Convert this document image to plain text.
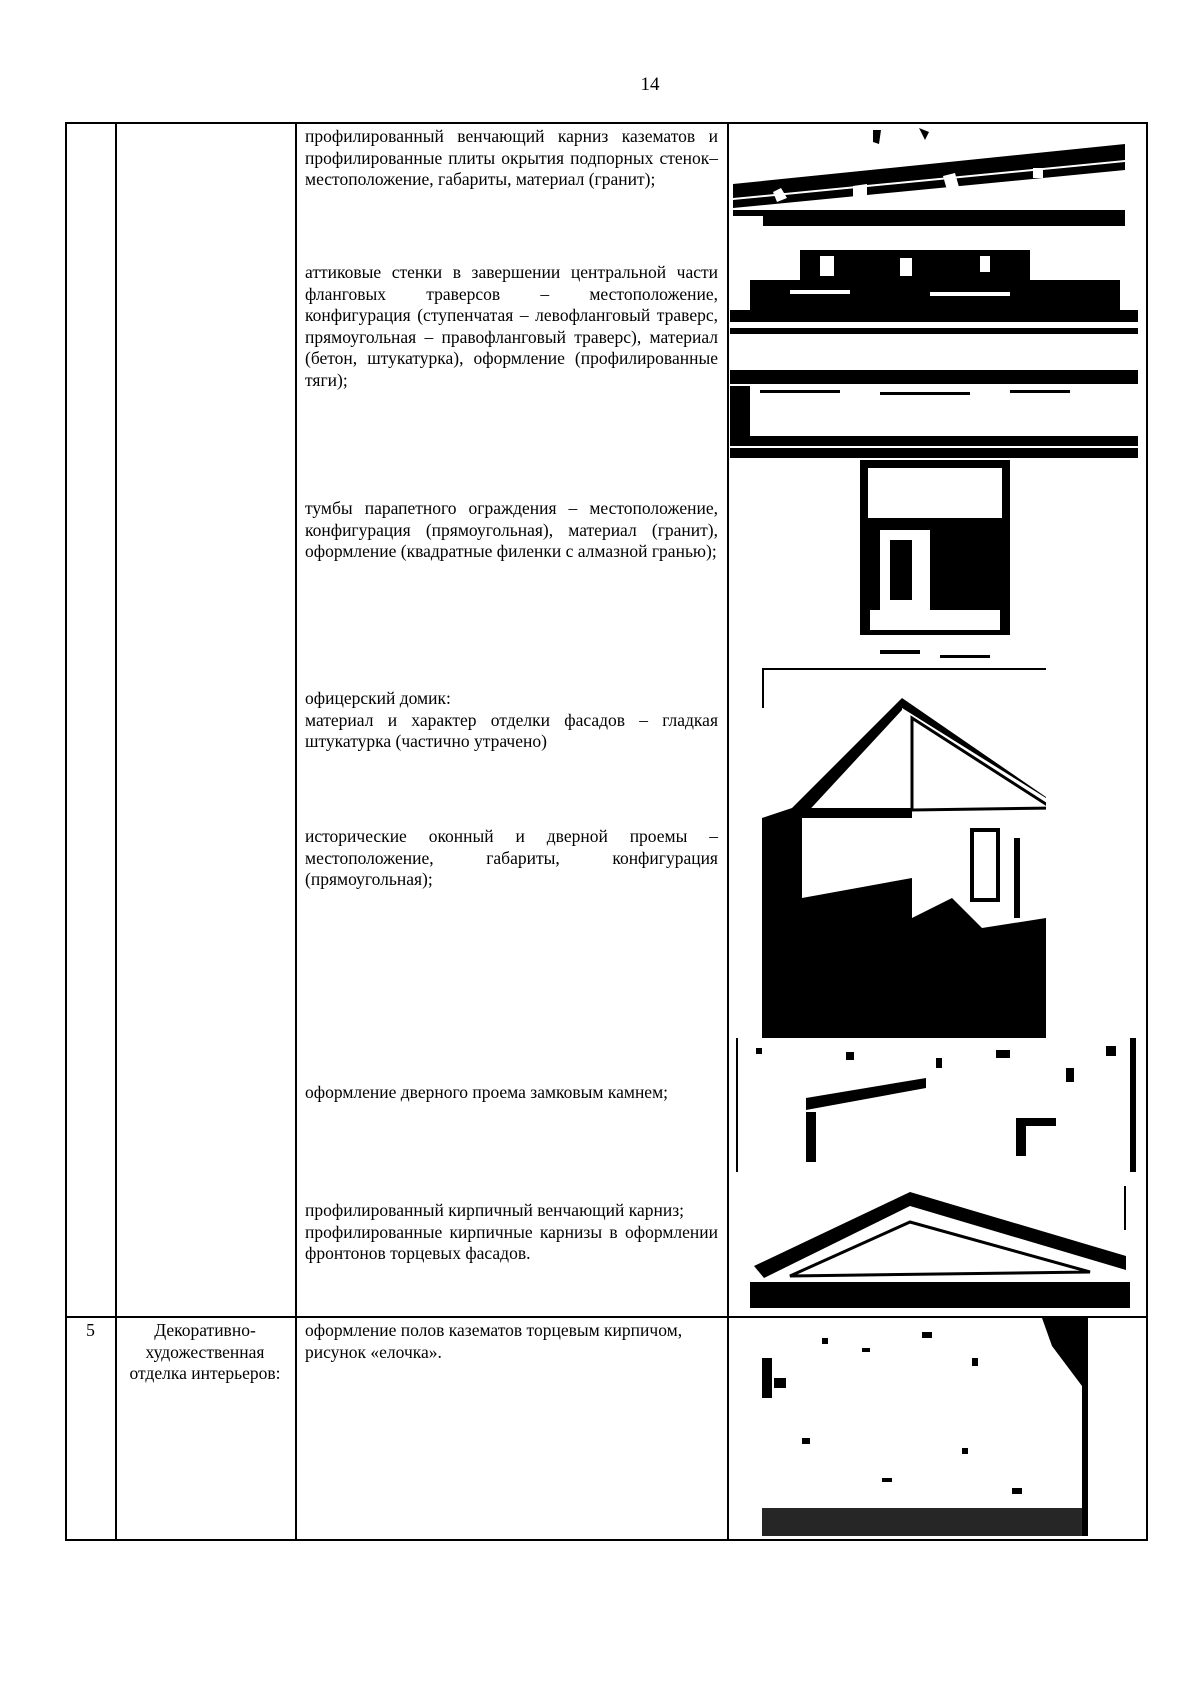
14

профилированный венчающий карниз казематов и профилированные плиты окрытия подпорных стенок– местоположение, габариты, материал (гранит);

аттиковые стенки в завершении центральной части фланговых траверсов – местоположение, конфигурация (ступенчатая – левофланговый траверс, прямоугольная – правофланговый траверс), материал (бетон, штукатурка), оформление (профилированные тяги);

тумбы парапетного ограждения – местоположение, конфигурация (прямоугольная), материал (гранит), оформление (квадратные филенки с алмазной гранью);

офицерский домик:

материал и характер отделки фасадов – гладкая штукатурка (частично утрачено)

исторические оконный и дверной проемы – местоположение, габариты, конфигурация (прямоугольная);

оформление дверного проема замковым камнем;

профилированный кирпичный венчающий карниз;

профилированные кирпичные карнизы в оформлении фронтонов торцевых фасадов.

5	Декоративно-художественная отделка интерьеров:
оформление полов казематов торцевым кирпичом, рисунок «елочка».
